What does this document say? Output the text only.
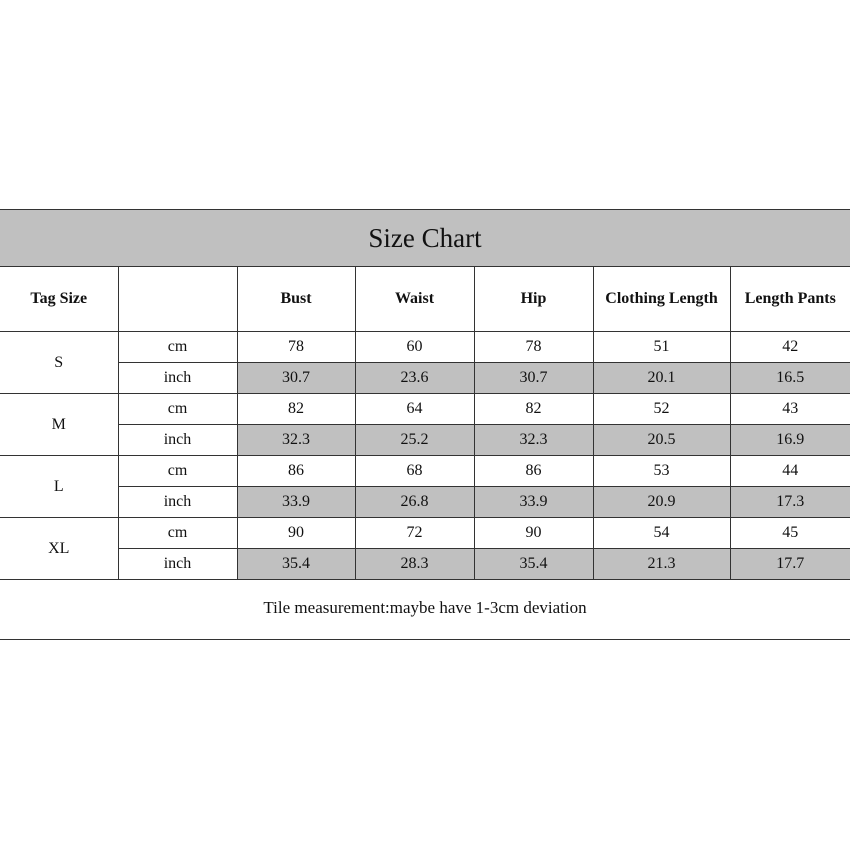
Size Chart						
Tag Size		Bust	Waist	Hip	Clothing Length	Length Pants
S	cm	78	60	78	51	42
	inch	30.7	23.6	30.7	20.1	16.5
M	cm	82	64	82	52	43
	inch	32.3	25.2	32.3	20.5	16.9
L	cm	86	68	86	53	44
	inch	33.9	26.8	33.9	20.9	17.3
XL	cm	90	72	90	54	45
	inch	35.4	28.3	35.4	21.3	17.7
Tile measurement:maybe have 1-3cm deviation						
